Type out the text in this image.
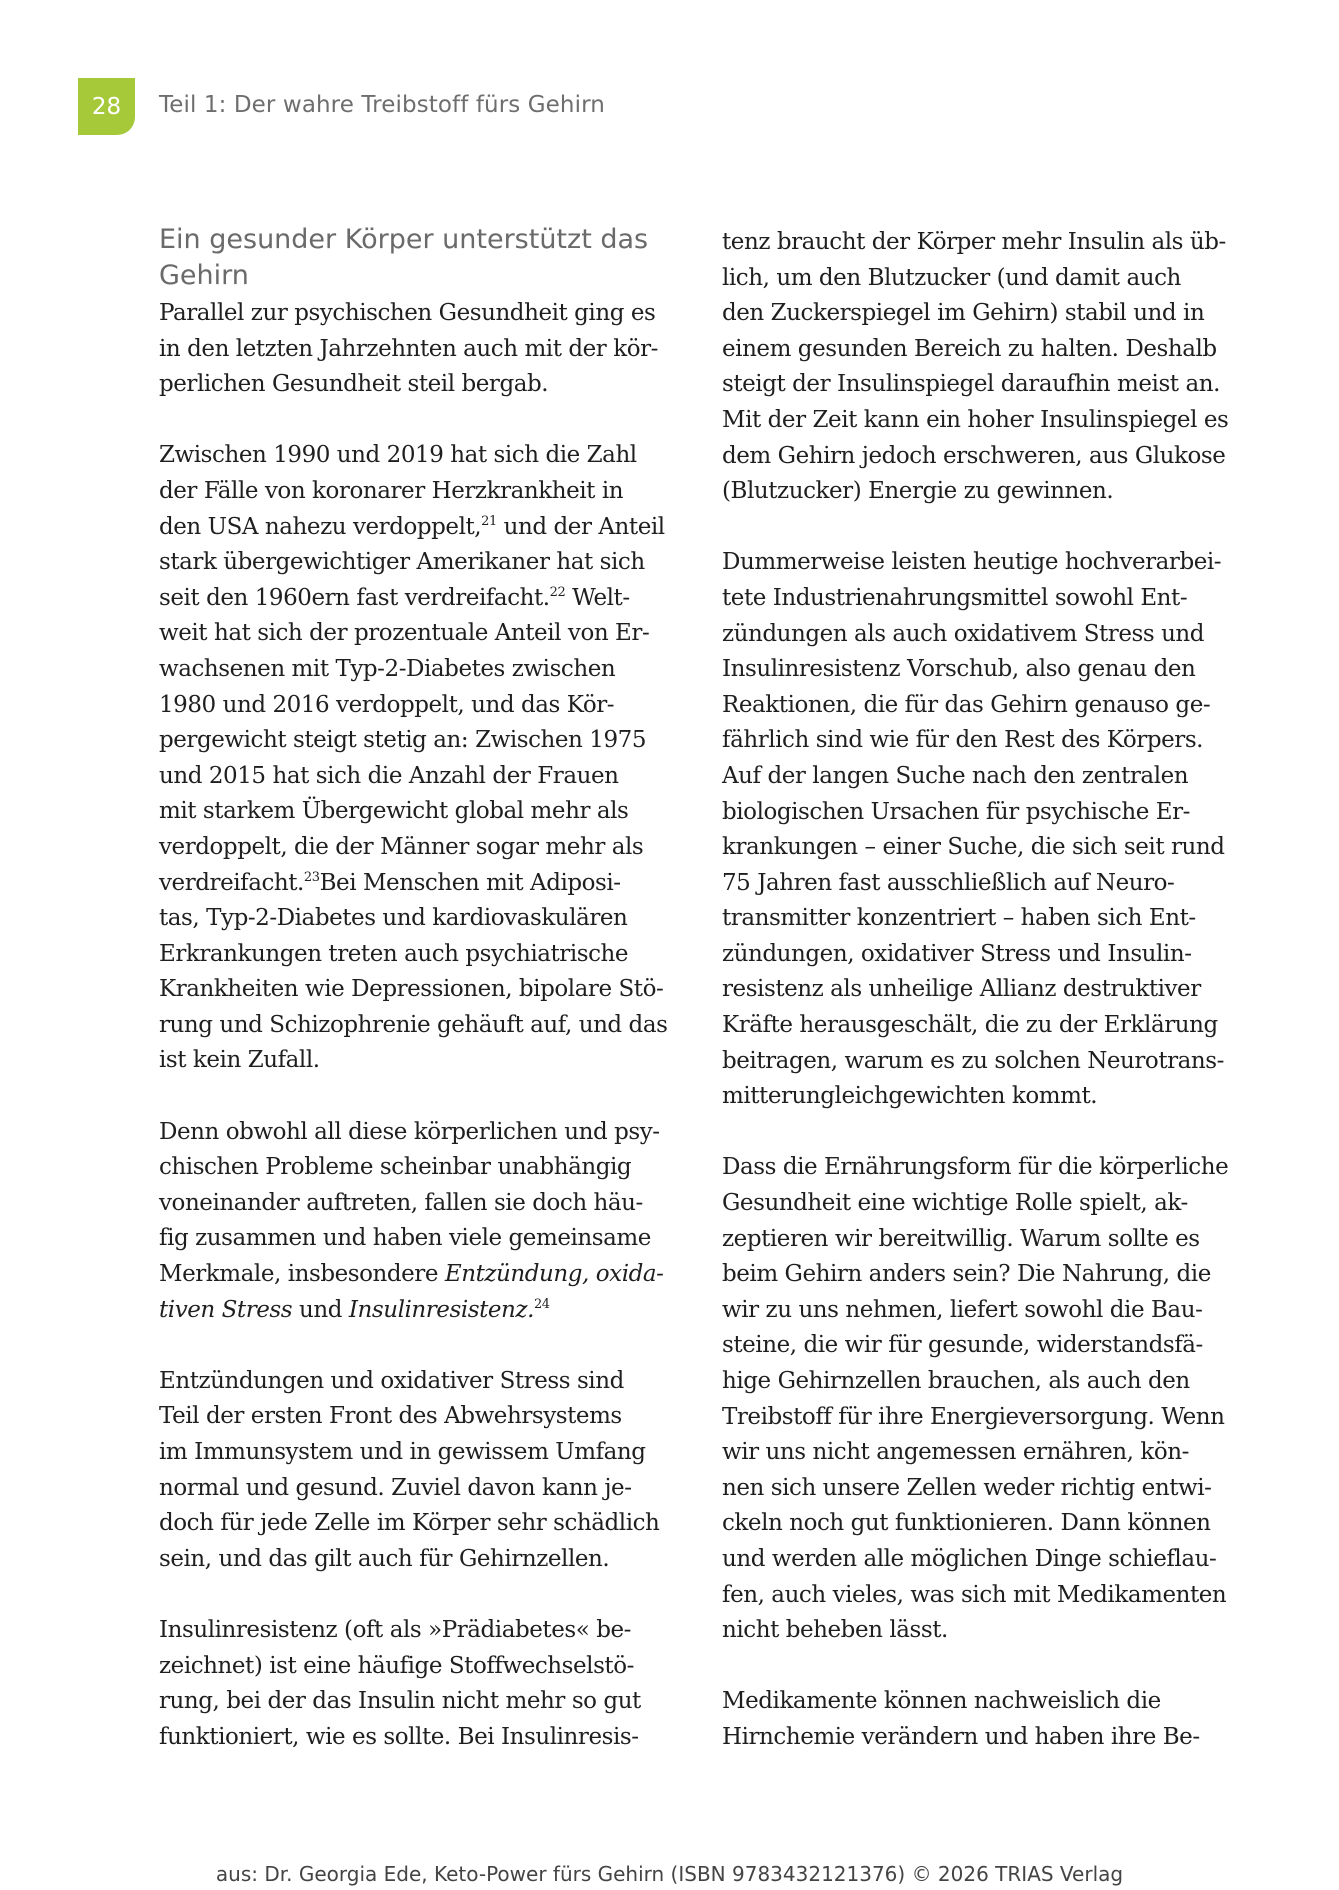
28 Teil 1: Der wahre Treibstoff fürs Gehirn
Ein gesunder Körper unterstützt das
Gehirn

Parallel zur psychischen Gesundheit ging es
in den letzten Jahrzehnten auch mit der kör-
perlichen Gesundheit steil bergab.

Zwischen 1990 und 2019 hat sich die Zahl
der Fälle von koronarer Herzkrankheit in
den USA nahezu verdoppelt,$^{21}$ und der Anteil
stark übergewichtiger Amerikaner hat sich
seit den 1960ern fast verdreifacht.$^{22}$ Welt-
weit hat sich der prozentuale Anteil von Er-
wachsenen mit Typ-2-Diabetes zwischen
1980 und 2016 verdoppelt, und das Kör-
pergewicht steigt stetig an: Zwischen 1975
und 2015 hat sich die Anzahl der Frauen
mit starkem Übergewicht global mehr als
verdoppelt, die der Männer sogar mehr als
verdreifacht.$^{23}$Bei Menschen mit Adiposi-
tas, Typ-2-Diabetes und kardiovaskulären
Erkrankungen treten auch psychiatrische
Krankheiten wie Depressionen, bipolare Stö-
rung und Schizophrenie gehäuft auf, und das
ist kein Zufall.

Denn obwohl all diese körperlichen und psy-
chischen Probleme scheinbar unabhängig
voneinander auftreten, fallen sie doch häu-
fig zusammen und haben viele gemeinsame
Merkmale, insbesondere Entzündung, oxida-
tiven Stress und Insulinresistenz.$^{24}$

Entzündungen und oxidativer Stress sind
Teil der ersten Front des Abwehrsystems
im Immunsystem und in gewissem Umfang
normal und gesund. Zuviel davon kann je-
doch für jede Zelle im Körper sehr schädlich
sein, und das gilt auch für Gehirnzellen.

Insulinresistenz (oft als »Prädiabetes« be-
zeichnet) ist eine häufige Stoffwechselstö-
rung, bei der das Insulin nicht mehr so gut
funktioniert, wie es sollte. Bei Insulinresis-

tenz braucht der Körper mehr Insulin als üb-
lich, um den Blutzucker (und damit auch
den Zuckerspiegel im Gehirn) stabil und in
einem gesunden Bereich zu halten. Deshalb
steigt der Insulinspiegel daraufhin meist an.
Mit der Zeit kann ein hoher Insulinspiegel es
dem Gehirn jedoch erschweren, aus Glukose
(Blutzucker) Energie zu gewinnen.

Dummerweise leisten heutige hochverarbei-
tete Industrienahrungsmittel sowohl Ent-
zündungen als auch oxidativem Stress und
Insulinresistenz Vorschub, also genau den
Reaktionen, die für das Gehirn genauso ge-
fährlich sind wie für den Rest des Körpers.
Auf der langen Suche nach den zentralen
biologischen Ursachen für psychische Er-
krankungen – einer Suche, die sich seit rund
75 Jahren fast ausschließlich auf Neuro-
transmitter konzentriert – haben sich Ent-
zündungen, oxidativer Stress und Insulin-
resistenz als unheilige Allianz destruktiver
Kräfte herausgeschält, die zu der Erklärung
beitragen, warum es zu solchen Neurotrans-
mitterungleichgewichten kommt.

Dass die Ernährungsform für die körperliche
Gesundheit eine wichtige Rolle spielt, ak-
zeptieren wir bereitwillig. Warum sollte es
beim Gehirn anders sein? Die Nahrung, die
wir zu uns nehmen, liefert sowohl die Bau-
steine, die wir für gesunde, widerstandsfä-
hige Gehirnzellen brauchen, als auch den
Treibstoff für ihre Energieversorgung. Wenn
wir uns nicht angemessen ernähren, kön-
nen sich unsere Zellen weder richtig entwi-
ckeln noch gut funktionieren. Dann können
und werden alle möglichen Dinge schieflau-
fen, auch vieles, was sich mit Medikamenten
nicht beheben lässt.

Medikamente können nachweislich die
Hirnchemie verändern und haben ihre Be-

aus: Dr. Georgia Ede, Keto-Power fürs Gehirn (ISBN 9783432121376) © 2026 TRIAS Verlag
